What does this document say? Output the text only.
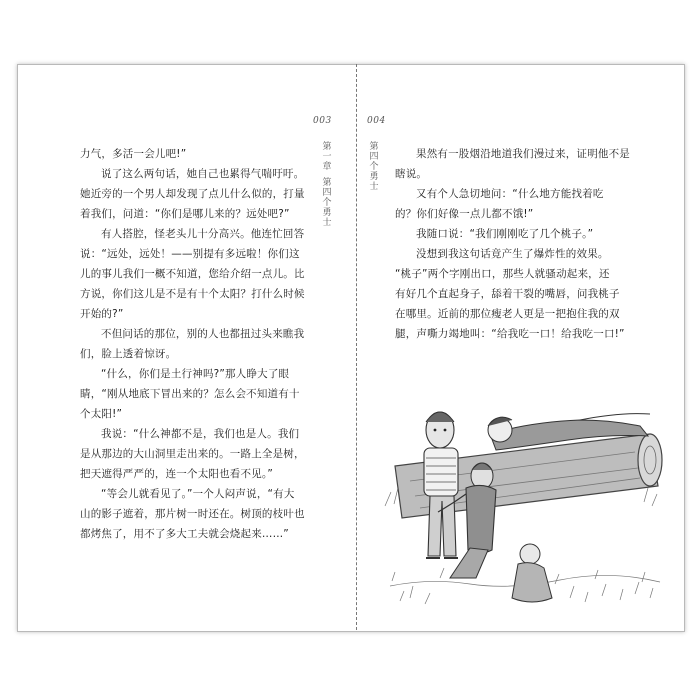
003
第
一
章
第
四
个
勇
士
力气，多活一会儿吧!”
说了这么两句话，她自己也累得气喘吁吁。
她近旁的一个男人却发现了点儿什么似的，打量
着我们，问道：“你们是哪儿来的？远处吧?”
有人搭腔，怪老头儿十分高兴。他连忙回答
说：“远处，远处！——别提有多远啦！你们这
儿的事儿我们一概不知道，您给介绍一点儿。比
方说，你们这儿是不是有十个太阳？打什么时候
开始的?”
不但问话的那位，别的人也都扭过头来瞧我
们，脸上透着惊讶。
“什么，你们是土行神吗?”那人睁大了眼
睛，“刚从地底下冒出来的？怎么会不知道有十
个太阳!”
我说：“什么神都不是，我们也是人。我们
是从那边的大山洞里走出来的。一路上全是树，
把天遮得严严的，连一个太阳也看不见。”
“等会儿就看见了。”一个人闷声说，“有大
山的影子遮着，那片树一时还在。树顶的枝叶也
都烤焦了，用不了多大工夫就会烧起来……”
004
第
四
个
勇
士
果然有一股烟沿地道我们漫过来，证明他不是
瞎说。
又有个人急切地问：“什么地方能找着吃
的？你们好像一点儿都不饿!”
我随口说：“我们刚刚吃了几个桃子。”
没想到我这句话竟产生了爆炸性的效果。
“桃子”两个字刚出口，那些人就骚动起来，还
有好几个直起身子，舔着干裂的嘴唇，问我桃子
在哪里。近前的那位瘦老人更是一把抱住我的双
腿，声嘶力竭地叫：“给我吃一口！给我吃一口!”
